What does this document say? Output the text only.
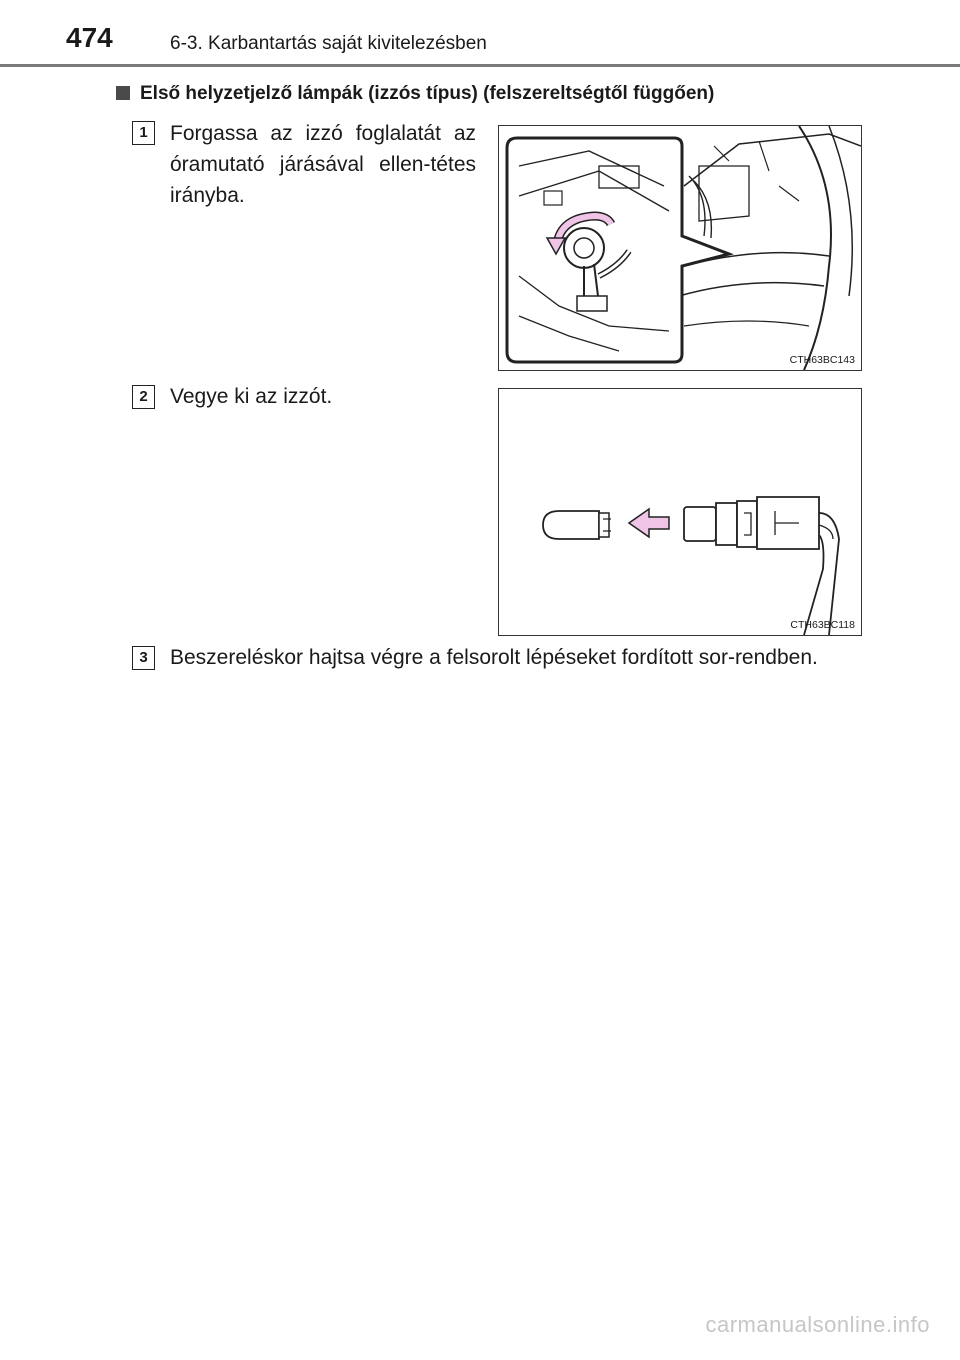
474	6-3. Karbantartás saját kivitelezésben
Első helyzetjelző lámpák (izzós típus) (felszereltségtől függően)
1	Forgassa az izzó foglalatát az óramutató járásával ellen-tétes irányba.
CTH63BC143
2	Vegye ki az izzót.
CTH63BC118
3	Beszereléskor hajtsa végre a felsorolt lépéseket fordított sor-rendben.
carmanualsonline.info
